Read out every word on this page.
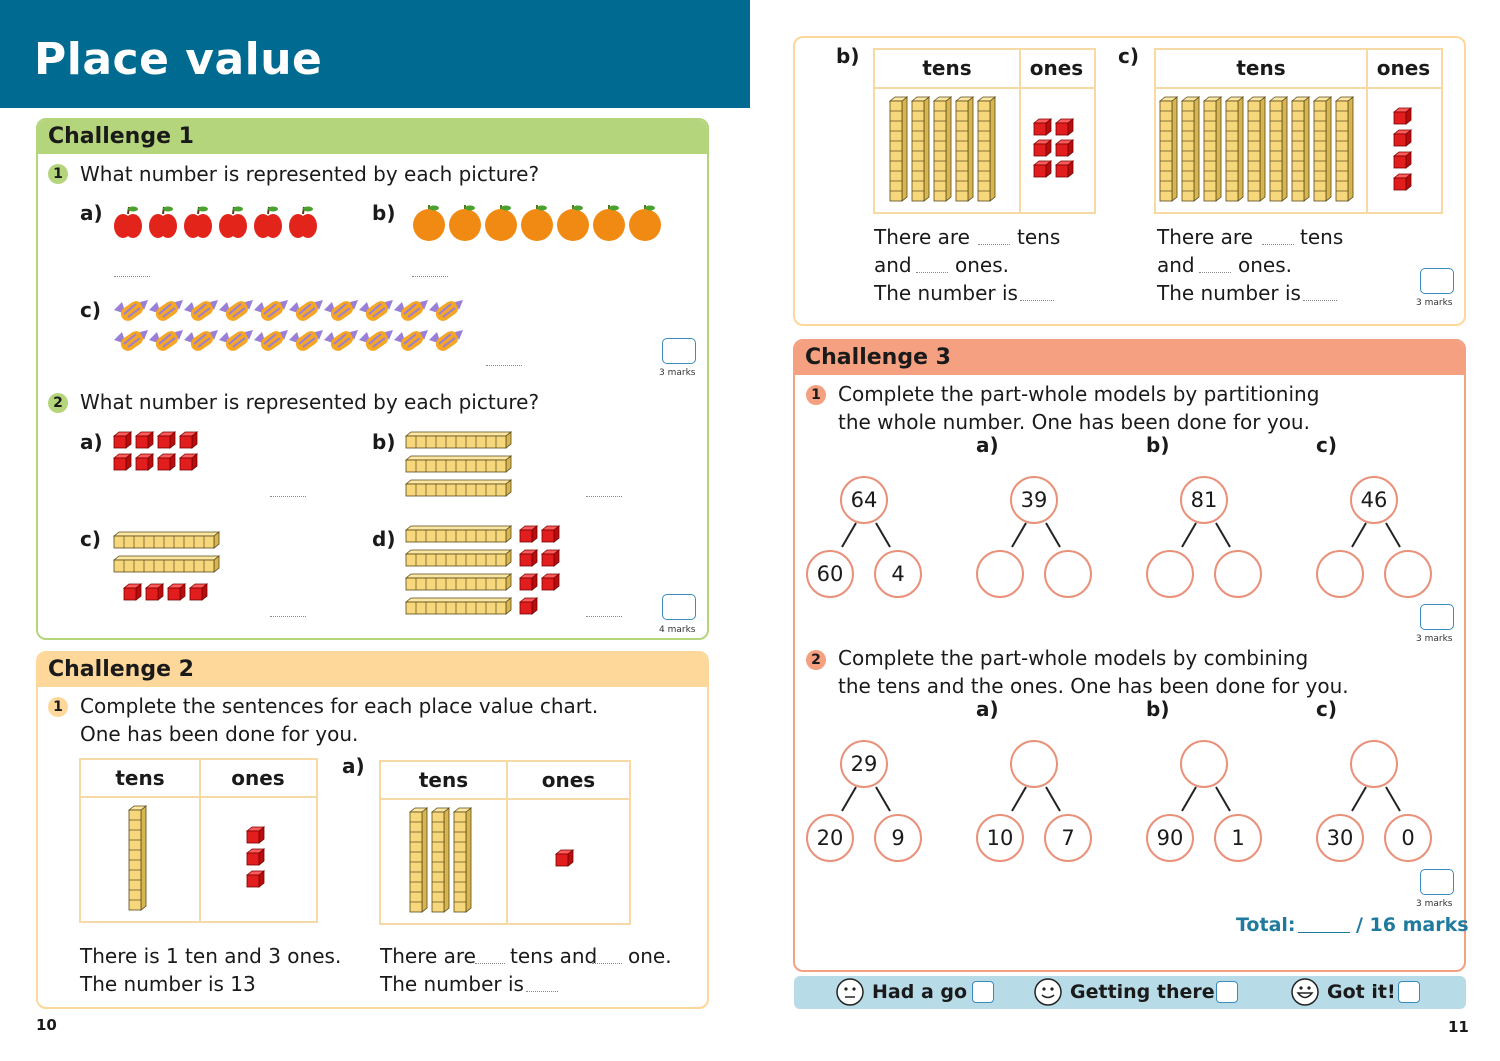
Place value
Challenge 1
1 What number is represented by each picture?
a)	b)
c)
3 marks
2 What number is represented by each picture?
a)	b)
c)	d)
4 marks
Challenge 2
1 Complete the sentences for each place value chart.
One has been done for you.
tens	ones
There is 1 ten and 3 ones.
The number is 13
a)
tens	ones
There are tens and one.
The number is
10
b)	tens	ones
There are tens
and ones.
The number is
c)	tens	ones
There are tens
and ones.
The number is	3 marks
Challenge 3
1 Complete the part-whole models by partitioning
the whole number. One has been done for you.
64
60	4
a)
39
b)
81
c)
46
3 marks
2 Complete the part-whole models by combining
the tens and the ones. One has been done for you.
29
20	9
a)
10	7
b)
90	1
c)
30	0
3 marks
Total:	/ 16 marks
Had a go	Getting there	Got it!
11
